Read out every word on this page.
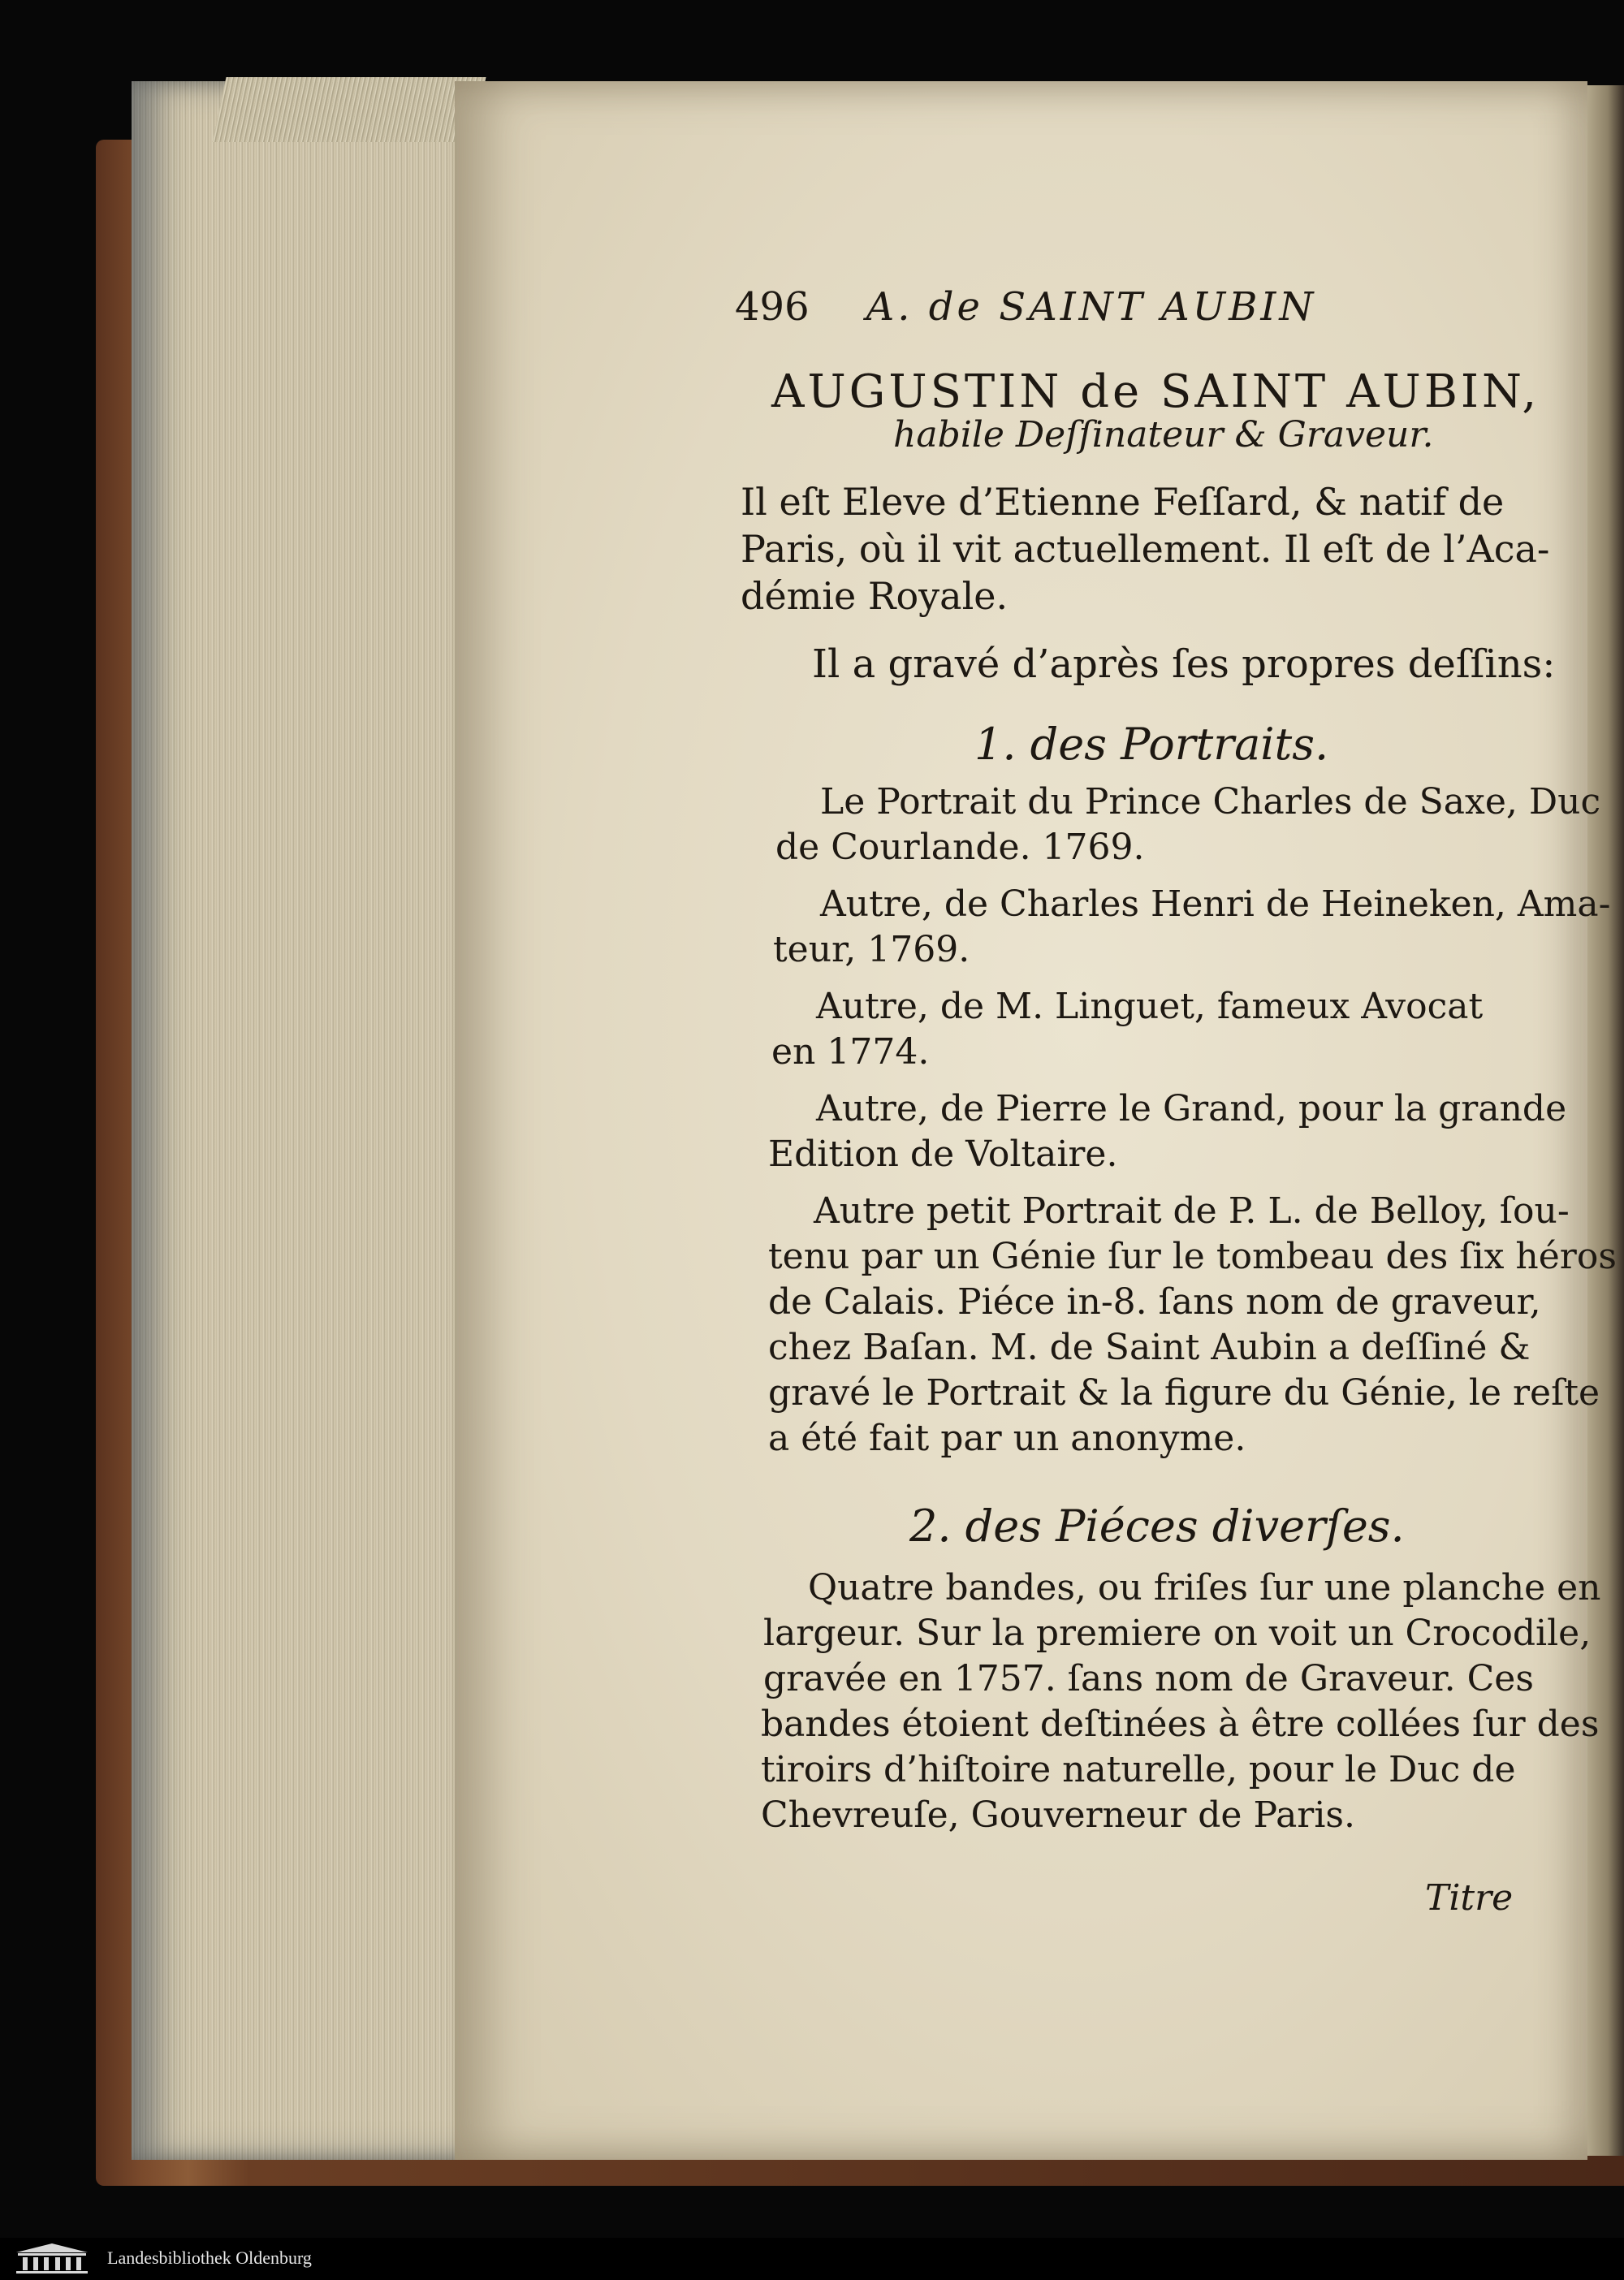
496 A. de SAINT AUBIN
AUGUSTIN de SAINT AUBIN,
habile Deſſinateur & Graveur.
Il eſt Eleve d’Etienne Feſſard, & natif de
Paris, où il vit actuellement. Il eſt de l’Aca-
démie Royale.
Il a gravé d’après ſes propres deſſins:
1. des Portraits.
Le Portrait du Prince Charles de Saxe, Duc
de Courlande. 1769.
Autre, de Charles Henri de Heineken, Ama-
teur, 1769.
Autre, de M. Linguet, fameux Avocat
en 1774.
Autre, de Pierre le Grand, pour la grande
Edition de Voltaire.
Autre petit Portrait de P. L. de Belloy, ſou-
tenu par un Génie ſur le tombeau des ſix héros
de Calais. Piéce in-8. ſans nom de graveur,
chez Baſan. M. de Saint Aubin a deſſiné &
gravé le Portrait & la figure du Génie, le reſte
a été fait par un anonyme.
2. des Piéces diverſes.
Quatre bandes, ou friſes ſur une planche en
largeur. Sur la premiere on voit un Crocodile,
gravée en 1757. ſans nom de Graveur. Ces
bandes étoient deſtinées à être collées ſur des
tiroirs d’hiſtoire naturelle, pour le Duc de
Chevreuſe, Gouverneur de Paris.
Titre
Landesbibliothek Oldenburg
